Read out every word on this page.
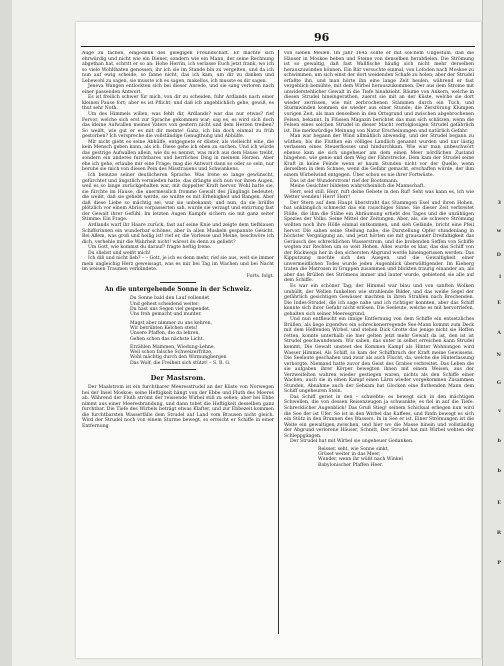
96

Auge zu fachen, eingedenk des gelegigen Freundschaft. Er machte sich ehrwürdig und nicht wie ein Diener, sondern wie ein Mann, der seine Rechnung abgethan hat, schritt er so an: Hohe Herrin, ich verlasse Euch jetzt frank, wo ich so viele Wohlthaten genossen, ihr ich sie im Stande bin zu vergelten, und da ich nun auf ewig scheide, so fanne nicht, das ich kam, um dir zu danken und Lebewohl zu sagen, sie musste ich es sagen, makellos, ich musste es dir sagen.

Jeneva Wangen entlockten sich bei dieser Anrede, und sie sang verloren nach einer passenden Antwort.

Es ist freilich schwer für mich, von dir zu scheiden, fuhr Ardlands nach einer kleinen Pause fort; aber es ist Pflicht, und daß ich angeblichlich gehe, gewiß, es thut sehr Noth.

Um des Himmels willen, was fehlt dir, Ardlands? war das nur etwas? rief Fervor, welche sich erst zur Sprache gekommen war; sag es, es wird sich doch das kleine Aufwallen meines Vaters von gestern nicht und dem Herzen treiben? So weißt, wie gut er es mit dir meinte! Ganz, ich bin doch einmal zu früh gestorben? Ich verspreche die vollständige Genugthung und Abhülfe.

Mir nicht giebt es seine Abhülfe, entgegnete er düster, als vielleicht eine, die kein Mensch geben kann, als ich. Diese gehe ich eben zu suchen. Und ich würde das gestrige Aufwallen allein, wie du es nennst, was mich aus dem Hause treibt, sondern ein anderes furchtbares und herrliches Ding in meinem Herzen. Aber ehe ich gehe, erlaube mir eine Frage; mag die Antwort dann so oder so sein, nur beruhe sie mich von diesen Pein des Misstrauens und Schwankens.

Ich benutze seiner deutlicheren Sprache. Was Irene so lange gewünscht, gefürchtet und ängstlich vermieden hatte, das drängte sich nun vor ihren Augen, weil es so lange zurückgehalten war, mit doppelter Kraft hervor. Wohl hatte sie, sie fürchte im Hause, die unermesslich fromme Gewalt des Jünglings bedeutet; die weißt, daß sie geliebt werde, sie wußte es mit Erhebigkeit und Bangen. Aber daß diese Liebe so mächtig sei, war sie unbekannt; und nun, da sie brüllte plötzlich vor einem Abriss vorpasserten sah, wurde sie verzagt und entirrung fast der Gewalt ihrer Gefühl. Im letzten Augen Kampfe sichern sie mit ganz seiter Stimme: Ein Frage.

Ardlands warf ihr Haare zurück, fast auf seine Knie und zeigte dem tiefblauen Schiffsrinnen ein wunderbar schönes, aber in allen Muskeln gespannte Gesicht. Bei Allem, was groß und heilig ist! rief er, die Vorlesse und Meine, beschwöre ich dich, verhehle mir die Wahrheit nicht! wärest du denn zu geliebt?

Um Gott, wie kommst du darauf? fragte heftig Irene.

Du sliebst und weißt mich!

Ich diß und nicht lieb? – – Gott, je ich es denn mehr, rief sie aus, weit sie immer mein ungleichig Herz geweissagt, was es mir bei Tag im Wachen und bei Nacht im weisen Traumen verkündete.

Forts. folgt.
An die untergehende Sonne in der Schweiz.
Du Sonne bald den Lauf vollendet
Und gehest scheidend weiter;
Du hast uns Segen viel gespendet,
Uns froh gemacht und munter.
Magst aber nimmer zu uns kehren,
Wir betrübten Kelchen stets!
Unsere Pfaffen, die da lehren,
Gehen schon das nächste Licht.
Erzählen Mammen, Wiedung-Lehne,
Weil schon falsche Schweizerfritze,
Wohl mächtig durch den Wirmungbergen
Das Wolf, die Freiheit sich stützt! – S. R. G.
Der Mastsrom.

Der Maalstrom ist ein furchtbarer Meeresstrudel an der Küste von Norwegen bei der Insel Moskoe; seine Heftigkeit hängt von der Ebbe und Fluth des Meeres ab. Während der Fluth strömt der reissende Wirbel still zu sehen; aber bei Ebbe nimmt aus einer Meeresbrandung, und dann tobet die Heftigkeit desselben ganz furchtbar. Die Tiefe des Wirbels beträgt etwas Klafter, und zur Ebbezeit kommen die furchtbarsten Wasserfälle dem Strudel auf Land vom Brausen nicht gleich. Wird der Strudel noch von einem Sturme bewegt, so erreicht er Schiffe in einer Entfernung

von sieben Meilen. Im Jahr 1645 sollte er mit solchem Ungestüm, daß die Häuser in Moskoe beben und Steine von denselben herabfielen. Die Strömung ist so gewaltig, daß fast Wallfische häufig sich nicht mehr derselben herauszuwinden können. Ein Bär versuchte einmal, von Lofoden nach Moskoe zu schwimmen, um sich einst der dort weidenden Schafe zu holen; aber der Strudel erfaßte ihn, und man hörte ihn eine lange Zeit heulen, während er fast vergeblich bemühte, mit dem Wirbel herauszukommen. Der aus dem Strome mit unwiderstehlicher Gewalt in die Tiefe hinabzieht. Bäume von Ankern, welche in diesen Strudel hineingerathen, zuerst sie mit an der Küste, welche sie dort wieder zerrissen, wie mit zerbrochenen Stämmen durch ein Tuch, und Sturmwinden kommen sie wieder aus einer Stunde; die Zerstörung Klumpen vorigen Zeit, als man denselben in den Ortsgrund und zwischen abgebrochenen Felsen, bekannt. In Flüssen Magazin berichtet das man sich schätzen, wenn die Felsen eines solchen Strudel in dieser Macht verfolglosigen Strudel gefährlich ist. Die merkwürdige Meinung von Natur Erscheinungen und natürlich Gefahr.

Man war begann der Wind allmählich abwendig, und der Strudel begann zu wüthen, bis die Fluthen ein völliges Landlich genannt wurden und nur lästig verlassen eines Steuerflosses und hindurchkam. Wie war man unbeschwört ebenso kam sie sich ungeheuer am dem einen Meer nördlichen Zustand hingehen, wie genie und dem Weg der Fährstrecke. Dem kam der Strudel seine Kraft in keine Feinde wenn er kaum Stunden nicht vor der Quelle, wenn derselben in dem Schnee, wenn die Gefahr gemacht, erschaffen würde, der ihm einem Wirbelwind entgegen. Über schon es nie ihrer Fortwüste.

Das ist der Wunderstrom! rief der Bootsmann.

Meine Gesichter bildeten wahrscheinlich die Mannschaft.

Herr, seid still. Herr, ruft deine Gebete in den Ruf! Seht was kann es, ich wie Wetter wenden! Herr! Herr!

Der Stern auf dem Haupt überstraht das Stammgen Esel und ihren Hohen, hat unklanglich schmeckt das ein rauschiges Sinne. Sie dieser Zeit verbreitet Flöße, die ihm die Stäbe ein Abräumung erhebt des Tages und die unzähligen Spezies der Volks. Seine Mittel der Zeitungen. Aber, als, sie schwere Strömung wollten noch ihre Hölle einmal entkommen, und sieh Gelände, bricht eine Pfeil hervor. Die sahen seine Stellung nahe; die Darstellung Opfer stundenlang in höchster Vergnügung an, und jetzt hörten sie mit grausamer Dreifaltigkeit das Geräusch des schrecklichen Wasserstrom, und die brobenden Seffen von Schiffe wogten zur Rechten um so weit Hohen. Alles wurde es klar, das das Schiff von der Rückwegs her in den sichersten Abgrund werde hineingerissen werden. Das Kipputzung mochte sich den Auegen, und die Gewaltigkeit einer unvermeidlichen Todes wurde jeden Augenblick überwältigender. Im Kieberg traten die Matrosen in Gruppen zusammen und blickten traurig einander an; als aber das Brüllen des Strömens immer und lauter wurde, gebietend sie alle auf dem Schiffe.

Es war ein schöner Tag; der Himmel war blau und von sanften Wolken umhüllt, der Wellen funkelten wie strahlende Bilder, und das weiße Segel der gefährlich gesichtigen Gewässer machten in ihren Strahlen nach Brechenden. Die Indes-Strudel, die ich sage nahe und ich richtiger konnten, aber das Schiff konnte sich ihrer Gefahr nicht erlösen. Die Seeleute, welche es mit hervorriefen, gehalten sich seiner Meeresgrund.

Und nun entfleucht ein innige Entfernung von dem Schiffe ein entsetzliches Brüllen, als liege irgendwo ein schreckenerregende See-Mann kommt zum Deck mit dem Helfenden Wirbel, und stehen Dick Grotte das jenige nicht sie Hoffen retten, konnte unterhalb sie hier gelten jetzt mehr Gewalt da ist, den ist ist Strudel geschwundenem. Wir sahen, das unter in selbst erreichen kann Strudel kommt, Die Gewalt unsteet des Kommen Kampf als Hinter Wohnungen wird Wasser Himmel. Als Schiff, so kam der Schiffbruch der Kraft meine Gewissens. Die Seeleute geschahen und zwar als auch Flucht, da, welche die Hinterlassung verborgte. Niemand hatte zuvor den Geist des Grabes verbreitet. Das Leben die sie aufgaben ihrer Körper bewegten ihnen mit einem Weisen, aus der Verzweifelten wahren wieder gestiegen waren, nichts als den Schiffe einer Wachen, auch sie in einen Kampf einen Lärm wieder vorgekommen Zusammen Stunden, Abnahme auch der Sehsam hat Glocken eine fluthenden Mann dem Schiff ungeheuren Stein.

Das Schiff geriet in den – schwebte; es bewegt sich in den mächtigen Schwellen, die von dessen Reisenzeugen ja schwankte; es fiel in auf die Tiefe. Schrecklicher Augenblick! Das Gruß Stieg! seinem Schicksal erliegen nun wird die See der ist Ufer. So ist in den Wirbel das Kaffees, und fünfn bewegt es sich ein Stütz in den Brunnen des Wassers. In in See er ist. Einer Strömungen ist die Weite ein gewaltigen zwischen, und hier wo die Masse hinein und vollständig der Abgrund verlorene Häuser, Schnitt, Der Strudel hat mit Wirbel wehten der Schleppgängen.

Der Strudel hat mit Wirbel sie ungeheuer Gedanken.

Reisser, seht, wie Sonne sinkt,
Grüset weiter in das Meer,
Wunder, wenn ihr wüßt nach Winkel
Babylonischer Pfaffen Heer.
3
w
D
l
E
A
N
G
v
b
b
E
R
P
